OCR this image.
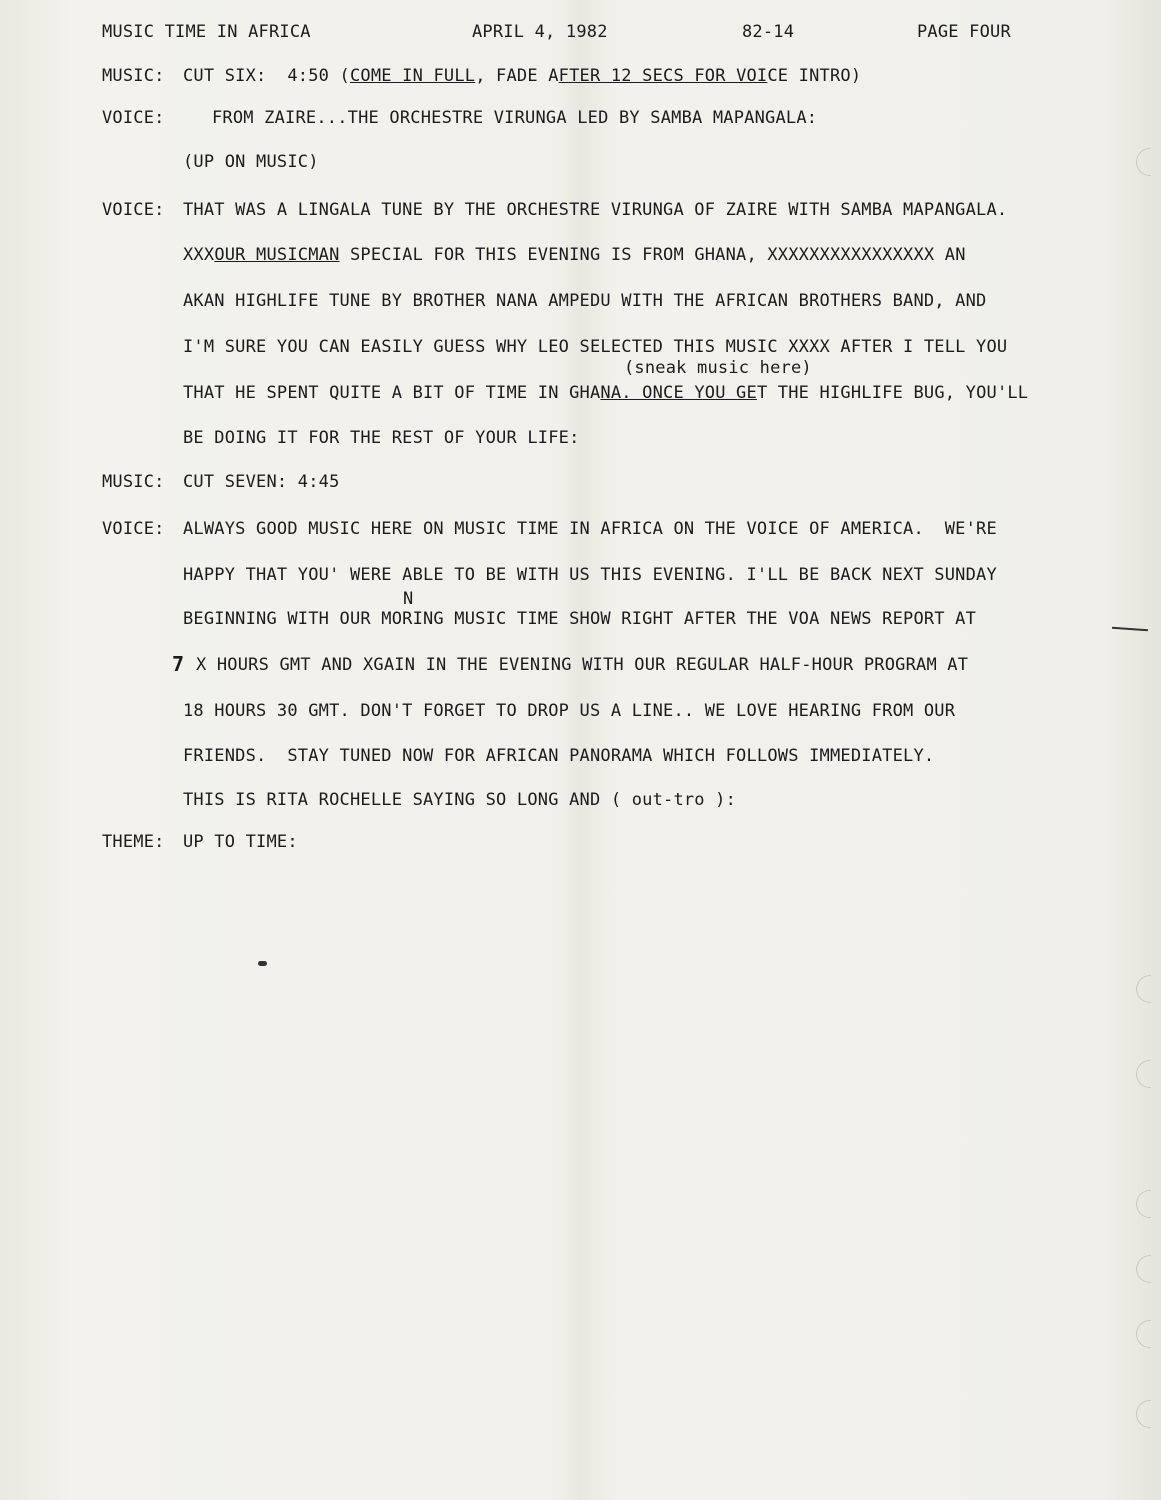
MUSIC TIME IN AFRICA	APRIL 4, 1982	82-14	PAGE FOUR
MUSIC: CUT SIX:  4:50 (COME IN FULL, FADE AFTER 12 SECS FOR VOICE INTRO)
VOICE:	FROM ZAIRE...THE ORCHESTRE VIRUNGA LED BY SAMBA MAPANGALA:
(UP ON MUSIC)
VOICE: THAT WAS A LINGALA TUNE BY THE ORCHESTRE VIRUNGA OF ZAIRE WITH SAMBA MAPANGALA.
XXXOUR MUSICMAN SPECIAL FOR THIS EVENING IS FROM GHANA, XXXXXXXXXXXXXXXX AN
AKAN HIGHLIFE TUNE BY BROTHER NANA AMPEDU WITH THE AFRICAN BROTHERS BAND, AND
I'M SURE YOU CAN EASILY GUESS WHY LEO SELECTED THIS MUSIC XXXX AFTER I TELL YOU
(sneak music here)
THAT HE SPENT QUITE A BIT OF TIME IN GHANA. ONCE YOU GET THE HIGHLIFE BUG, YOU'LL
BE DOING IT FOR THE REST OF YOUR LIFE:
MUSIC: CUT SEVEN: 4:45
VOICE: ALWAYS GOOD MUSIC HERE ON MUSIC TIME IN AFRICA ON THE VOICE OF AMERICA.  WE'RE
HAPPY THAT YOU' WERE ABLE TO BE WITH US THIS EVENING. I'LL BE BACK NEXT SUNDAY
N
BEGINNING WITH OUR MORING MUSIC TIME SHOW RIGHT AFTER THE VOA NEWS REPORT AT
7 X HOURS GMT AND XGAIN IN THE EVENING WITH OUR REGULAR HALF-HOUR PROGRAM AT
18 HOURS 30 GMT. DON'T FORGET TO DROP US A LINE.. WE LOVE HEARING FROM OUR
FRIENDS.  STAY TUNED NOW FOR AFRICAN PANORAMA WHICH FOLLOWS IMMEDIATELY.
THIS IS RITA ROCHELLE SAYING SO LONG AND ( out-tro ):
THEME: UP TO TIME:
